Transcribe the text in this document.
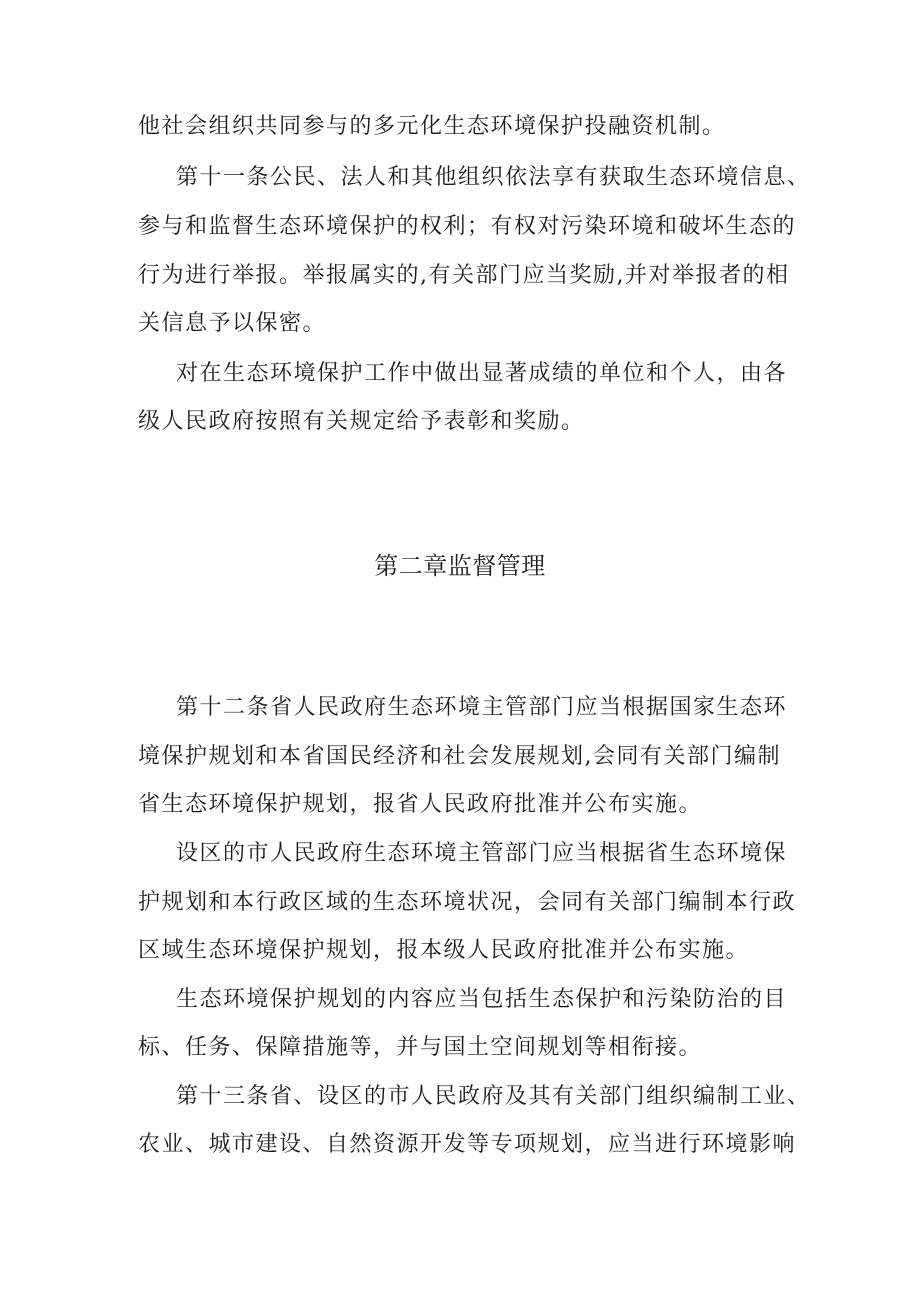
他社会组织共同参与的多元化生态环境保护投融资机制。
第十一条公民、法人和其他组织依法享有获取生态环境信息、
参与和监督生态环境保护的权利；有权对污染环境和破坏生态的
行为进行举报。举报属实的,有关部门应当奖励,并对举报者的相
关信息予以保密。
对在生态环境保护工作中做出显著成绩的单位和个人，由各
级人民政府按照有关规定给予表彰和奖励。
第二章监督管理
第十二条省人民政府生态环境主管部门应当根据国家生态环
境保护规划和本省国民经济和社会发展规划,会同有关部门编制
省生态环境保护规划，报省人民政府批准并公布实施。
设区的市人民政府生态环境主管部门应当根据省生态环境保
护规划和本行政区域的生态环境状况，会同有关部门编制本行政
区域生态环境保护规划，报本级人民政府批准并公布实施。
生态环境保护规划的内容应当包括生态保护和污染防治的目
标、任务、保障措施等，并与国土空间规划等相衔接。
第十三条省、设区的市人民政府及其有关部门组织编制工业、
农业、城市建设、自然资源开发等专项规划，应当进行环境影响
